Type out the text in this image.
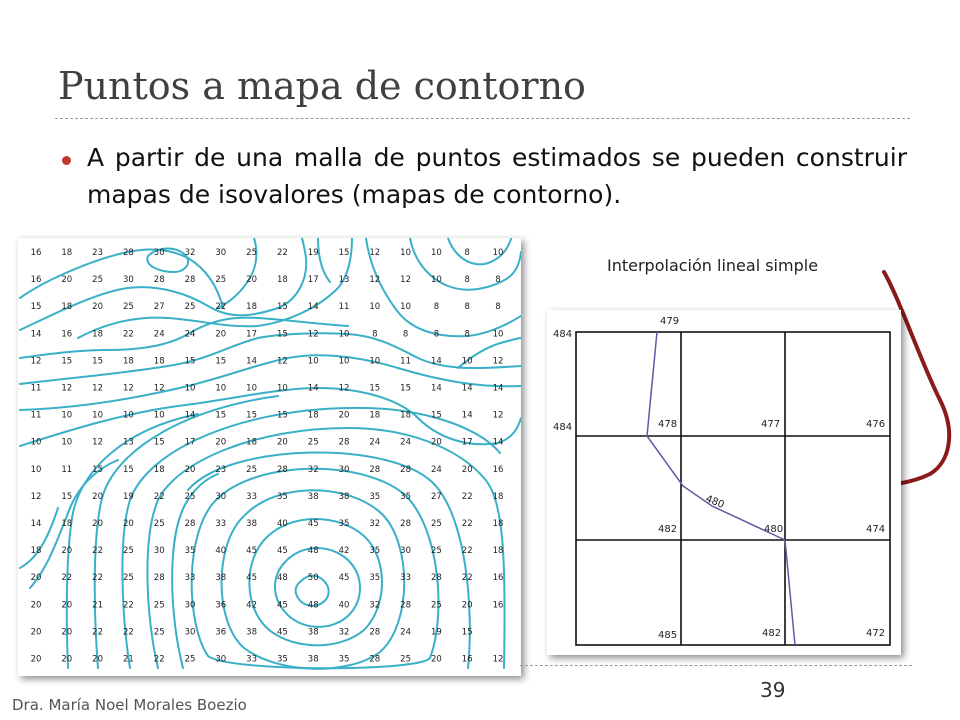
Puntos a mapa de contorno

A partir de una malla de puntos estimados se pueden construir mapas de isovalores (mapas de contorno).

16 18 23 28 30 32 30 25 22 19 15 12 10 10	8	10
16 20 25 30 28 28 25 20 18 17 13 12 12 10	8	8
15 18 20 25 27 25 22 18 15 14 11 10 10	8	8	8
14 16 18 22 24 24 20 17 15 12 10	8	8	8	8	10
12 15 15 18 18 15 15 14 12 10 10 10 11 14 10 12
11 12 12 12 12 10 10 10 10 14 12 15 15 14 14 14
11 10 10 10 10 14 15 15 15 18 20 18 18 15 14 12
10 10 12 13 15 17 20 18 20 25 28 24 24 20 17 14
10 11 15 15 18 20 23 25 28 32 30 28 28 24 20 16
12 15 20 19 22 25 30 33 35 38 38 35 35 27 22 18
14 18 20 20 25 28 33 38 40 45 35 32 28 25 22 18
18 20 22 25 30 35 40 45 45 48 42 35 30 25 22 18
20 22 22 25 28 33 38 45 48 50 45 35 33 28 22 16
20 20 21 22 25 30 36 42 45 48 40 32 28 25 20 16
20 20 22 22 25 30 36 38 45 38 32 28 24 19 15
20 20 20 21 22 25 30 33 35 38 35 28 25 20 16 12
Interpolación lineal simple
480
484
479
484	478	477	476
482	480	474
485	482	472
39
Dra. María Noel Morales Boezio
